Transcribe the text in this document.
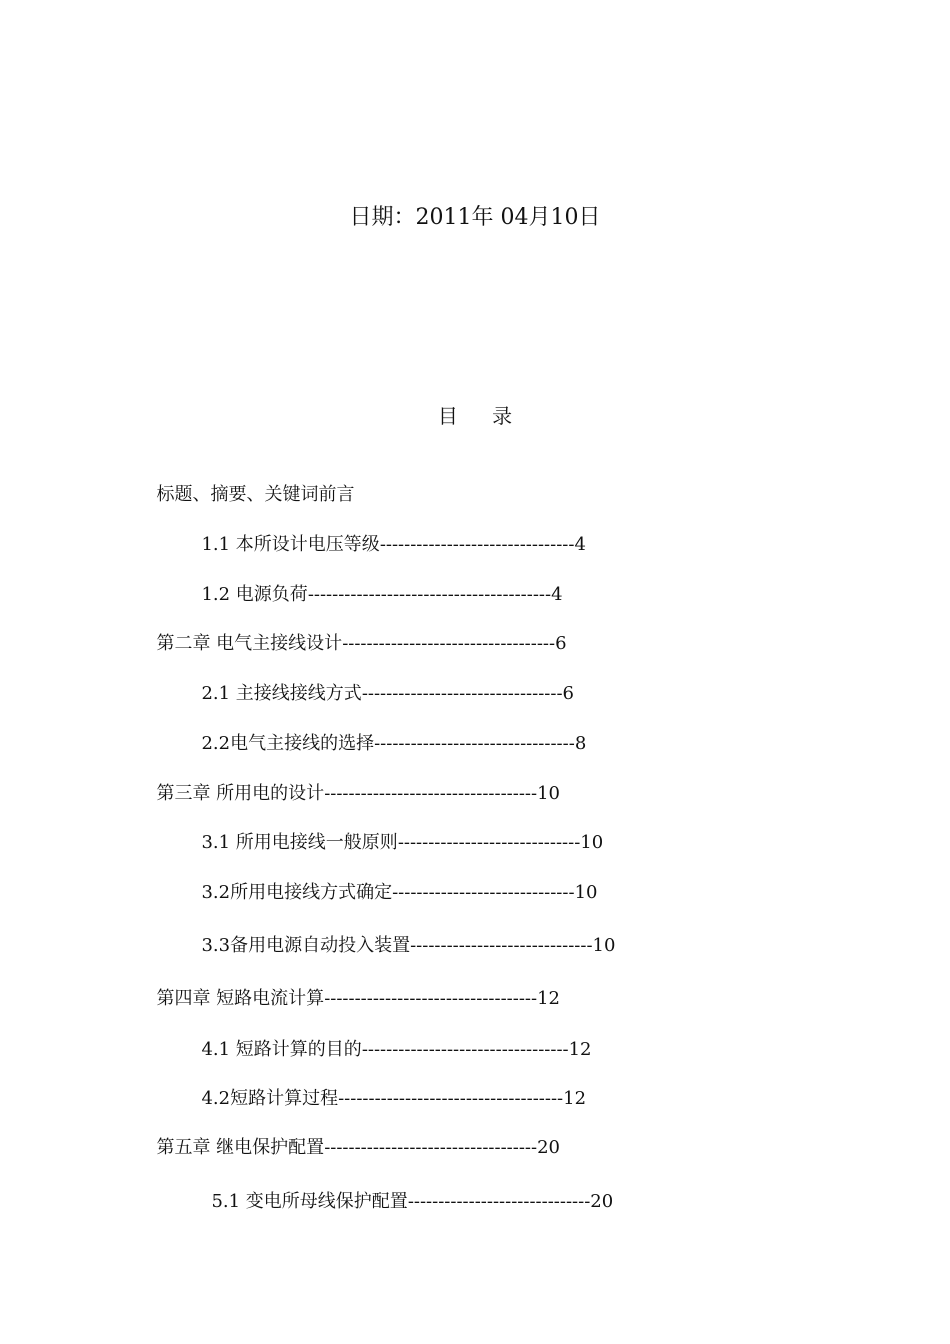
日期：2011年 04月10日
目 录

标题、摘要、关键词前言

1.1 本所设计电压等级--------------------------------4

1.2 电源负荷----------------------------------------4

第二章 电气主接线设计-----------------------------------6

2.1 主接线接线方式---------------------------------6

2.2电气主接线的选择---------------------------------8

第三章 所用电的设计-----------------------------------10

3.1 所用电接线一般原则------------------------------10

3.2所用电接线方式确定------------------------------10

3.3备用电源自动投入装置------------------------------10

第四章 短路电流计算-----------------------------------12

4.1 短路计算的目的----------------------------------12

4.2短路计算过程-------------------------------------12

第五章 继电保护配置-----------------------------------20

5.1 变电所母线保护配置------------------------------20
